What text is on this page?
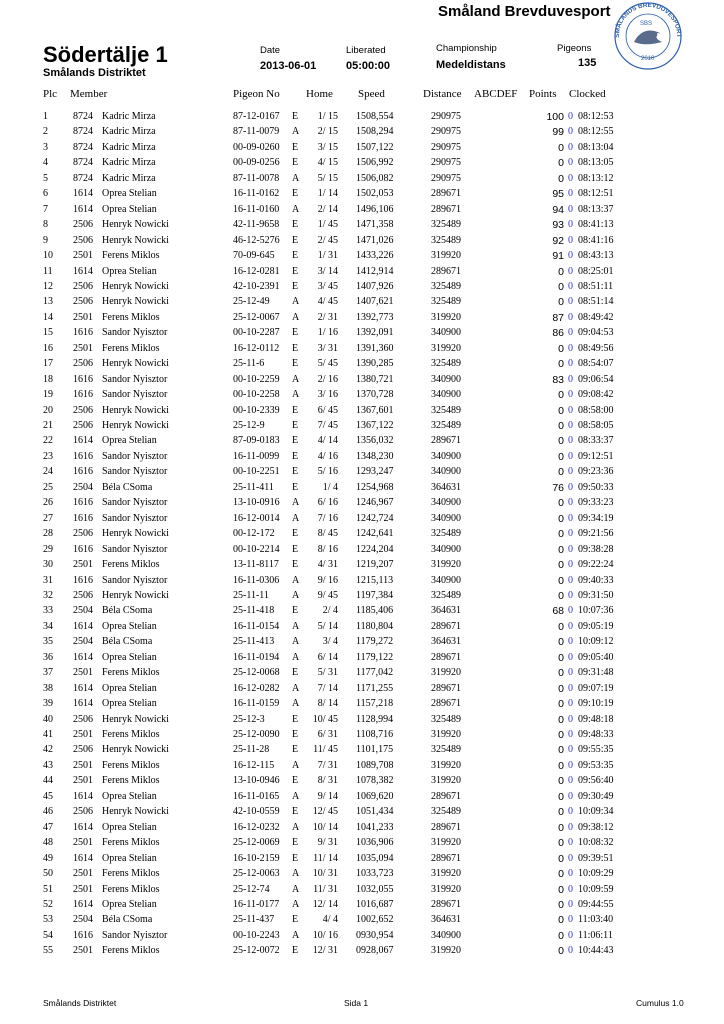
Småland Brevduvesport
SMÅLANDS BREVDUVESPORT
SBS
2010
Södertälje 1
Smålands Distriktet
Date
2013-06-01
Liberated
05:00:00
Championship
Medeldistans
Pigeons
135
Plc Member	Pigeon No Home Speed	Distance ABCDEF Points Clocked
1	8724 Kadric Mirza	87-12-0167 E	1/ 15 1508,554	290975	100 0 08:12:53
2	8724 Kadric Mirza	87-11-0079 A	2/ 15 1508,294	290975	99 0 08:12:55
3	8724 Kadric Mirza	00-09-0260 E	3/ 15 1507,122	290975	0 0 08:13:04
4	8724 Kadric Mirza	00-09-0256 E	4/ 15 1506,992	290975	0 0 08:13:05
5	8724 Kadric Mirza	87-11-0078 A	5/ 15 1506,082	290975	0 0 08:13:12
6	1614 Oprea Stelian	16-11-0162 E	1/ 14 1502,053	289671	95 0 08:12:51
7	1614 Oprea Stelian	16-11-0160 A	2/ 14 1496,106	289671	94 0 08:13:37
8	2506 Henryk Nowicki	42-11-9658 E	1/ 45 1471,358	325489	93 0 08:41:13
9	2506 Henryk Nowicki	46-12-5276 E	2/ 45 1471,026	325489	92 0 08:41:16
10 2501 Ferens Miklos	70-09-645 E	1/ 31 1433,226	319920	91 0 08:43:13
11 1614 Oprea Stelian	16-12-0281 E	3/ 14 1412,914	289671	0 0 08:25:01
12 2506 Henryk Nowicki	42-10-2391 E	3/ 45 1407,926	325489	0 0 08:51:11
13 2506 Henryk Nowicki	25-12-49 A	4/ 45 1407,621	325489	0 0 08:51:14
14 2501 Ferens Miklos	25-12-0067 A	2/ 31 1392,773	319920	87 0 08:49:42
15 1616 Sandor Nyisztor	00-10-2287 E	1/ 16 1392,091	340900	86 0 09:04:53
16 2501 Ferens Miklos	16-12-0112 E	3/ 31 1391,360	319920	0 0 08:49:56
17 2506 Henryk Nowicki	25-11-6	E	5/ 45 1390,285	325489	0 0 08:54:07
18 1616 Sandor Nyisztor	00-10-2259 A	2/ 16 1380,721	340900	83 0 09:06:54
19 1616 Sandor Nyisztor	00-10-2258 A	3/ 16 1370,728	340900	0 0 09:08:42
20 2506 Henryk Nowicki	00-10-2339 E	6/ 45 1367,601	325489	0 0 08:58:00
21 2506 Henryk Nowicki	25-12-9	E	7/ 45 1367,122	325489	0 0 08:58:05
22 1614 Oprea Stelian	87-09-0183 E	4/ 14 1356,032	289671	0 0 08:33:37
23 1616 Sandor Nyisztor	16-11-0099 E	4/ 16 1348,230	340900	0 0 09:12:51
24 1616 Sandor Nyisztor	00-10-2251 E	5/ 16 1293,247	340900	0 0 09:23:36
25 2504 Béla CSoma	25-11-411 E	1/ 4 1254,968	364631	76 0 09:50:33
26 1616 Sandor Nyisztor	13-10-0916 A	6/ 16 1246,967	340900	0 0 09:33:23
27 1616 Sandor Nyisztor	16-12-0014 A	7/ 16 1242,724	340900	0 0 09:34:19
28 2506 Henryk Nowicki	00-12-172 E	8/ 45 1242,641	325489	0 0 09:21:56
29 1616 Sandor Nyisztor	00-10-2214 E	8/ 16 1224,204	340900	0 0 09:38:28
30 2501 Ferens Miklos	13-11-8117 E	4/ 31 1219,207	319920	0 0 09:22:24
31 1616 Sandor Nyisztor	16-11-0306 A	9/ 16 1215,113	340900	0 0 09:40:33
32 2506 Henryk Nowicki	25-11-11 A	9/ 45 1197,384	325489	0 0 09:31:50
33 2504 Béla CSoma	25-11-418 E	2/ 4 1185,406	364631	68 0 10:07:36
34 1614 Oprea Stelian	16-11-0154 A	5/ 14 1180,804	289671	0 0 09:05:19
35 2504 Béla CSoma	25-11-413 A	3/ 4 1179,272	364631	0 0 10:09:12
36 1614 Oprea Stelian	16-11-0194 A	6/ 14 1179,122	289671	0 0 09:05:40
37 2501 Ferens Miklos	25-12-0068 E	5/ 31 1177,042	319920	0 0 09:31:48
38 1614 Oprea Stelian	16-12-0282 A	7/ 14 1171,255	289671	0 0 09:07:19
39 1614 Oprea Stelian	16-11-0159 A	8/ 14 1157,218	289671	0 0 09:10:19
40 2506 Henryk Nowicki	25-12-3	E	10/ 45 1128,994	325489	0 0 09:48:18
41 2501 Ferens Miklos	25-12-0090 E	6/ 31 1108,716	319920	0 0 09:48:33
42 2506 Henryk Nowicki	25-11-28 E	11/ 45 1101,175	325489	0 0 09:55:35
43 2501 Ferens Miklos	16-12-115 A	7/ 31 1089,708	319920	0 0 09:53:35
44 2501 Ferens Miklos	13-10-0946 E	8/ 31 1078,382	319920	0 0 09:56:40
45 1614 Oprea Stelian	16-11-0165 A	9/ 14 1069,620	289671	0 0 09:30:49
46 2506 Henryk Nowicki	42-10-0559 E	12/ 45 1051,434	325489	0 0 10:09:34
47 1614 Oprea Stelian	16-12-0232 A	10/ 14 1041,233	289671	0 0 09:38:12
48 2501 Ferens Miklos	25-12-0069 E	9/ 31 1036,906	319920	0 0 10:08:32
49 1614 Oprea Stelian	16-10-2159 E	11/ 14 1035,094	289671	0 0 09:39:51
50 2501 Ferens Miklos	25-12-0063 A	10/ 31 1033,723	319920	0 0 10:09:29
51 2501 Ferens Miklos	25-12-74 A	11/ 31 1032,055	319920	0 0 10:09:59
52 1614 Oprea Stelian	16-11-0177 A	12/ 14 1016,687	289671	0 0 09:44:55
53 2504 Béla CSoma	25-11-437 E	4/ 4 1002,652	364631	0 0 11:03:40
54 1616 Sandor Nyisztor	00-10-2243 A	10/ 16 0930,954	340900	0 0 11:06:11
55 2501 Ferens Miklos	25-12-0072 E	12/ 31 0928,067	319920	0 0 10:44:43
Smålands Distriktet	Sida 1	Cumulus 1.0
